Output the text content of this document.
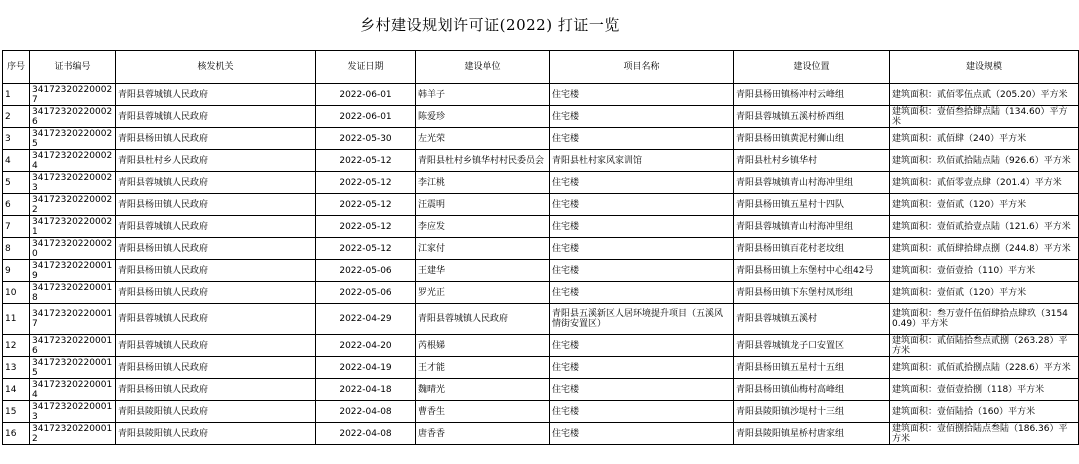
乡村建设规划许可证(2022) 打证一览
序号	证书编号	核发机关	发证日期	建设单位	项目名称	建设位置	建设规模
1	341723202200027	青阳县蓉城镇人民政府	2022-06-01	韩羊子	住宅楼	青阳县杨田镇杨冲村云峰组	建筑面积：贰佰零伍点贰（205.20）平方米
2	341723202200026	青阳县蓉城镇人民政府	2022-06-01	陈爱珍	住宅楼	青阳县蓉城镇五溪村桥西组	建筑面积：壹佰叁拾肆点陆（134.60）平方米
3	341723202200025	青阳县杨田镇人民政府	2022-05-30	左光荣	住宅楼	青阳县杨田镇黄泥村狮山组	建筑面积：贰佰肆（240）平方米
4	341723202200024	青阳县杜村乡人民政府	2022-05-12	青阳县杜村乡镇华村村民委员会	青阳县杜村家风家训馆	青阳县杜村乡镇华村	建筑面积：玖佰贰拾陆点陆（926.6）平方米
5	341723202200023	青阳县蓉城镇人民政府	2022-05-12	李江桃	住宅楼	青阳县蓉城镇青山村海冲里组	建筑面积：贰佰零壹点肆（201.4）平方米
6	341723202200022	青阳县杨田镇人民政府	2022-05-12	汪震明	住宅楼	青阳县杨田镇五星村十四队	建筑面积：壹佰贰（120）平方米
7	341723202200021	青阳县蓉城镇人民政府	2022-05-12	李应发	住宅楼	青阳县蓉城镇青山村海冲里组	建筑面积：壹佰贰拾壹点陆（121.6）平方米
8	341723202200020	青阳县杨田镇人民政府	2022-05-12	江家付	住宅楼	青阳县杨田镇百花村老坟组	建筑面积：贰佰肆拾肆点捌（244.8）平方米
9	341723202200019	青阳县杨田镇人民政府	2022-05-06	王建华	住宅楼	青阳县杨田镇上东堡村中心组42号	建筑面积：壹佰壹拾（110）平方米
10	341723202200018	青阳县杨田镇人民政府	2022-05-06	罗光正	住宅楼	青阳县杨田镇下东堡村凤形组	建筑面积：壹佰贰（120）平方米
11	341723202200017	青阳县蓉城镇人民政府	2022-04-29	青阳县蓉城镇人民政府	青阳县五溪新区人居环境提升项目（五溪风情街安置区）	青阳县蓉城镇五溪村	建筑面积：叁万壹仟伍佰肆拾点肆玖（31540.49）平方米
12	341723202200016	青阳县蓉城镇人民政府	2022-04-20	芮根娣	住宅楼	青阳县蓉城镇龙子口安置区	建筑面积：贰佰陆拾叁点贰捌（263.28）平方米
13	341723202200015	青阳县杨田镇人民政府	2022-04-19	王才能	住宅楼	青阳县杨田镇五星村十五组	建筑面积：贰佰贰拾捌点陆（228.6）平方米
14	341723202200014	青阳县杨田镇人民政府	2022-04-18	魏晴光	住宅楼	青阳县杨田镇仙梅村高峰组	建筑面积：壹佰壹拾捌（118）平方米
15	341723202200013	青阳县陵阳镇人民政府	2022-04-08	曹香生	住宅楼	青阳县陵阳镇沙堤村十三组	建筑面积：壹佰陆拾（160）平方米
16	341723202200012	青阳县陵阳镇人民政府	2022-04-08	唐香香	住宅楼	青阳县陵阳镇星桥村唐家组	建筑面积：壹佰捌拾陆点叁陆（186.36）平方米
